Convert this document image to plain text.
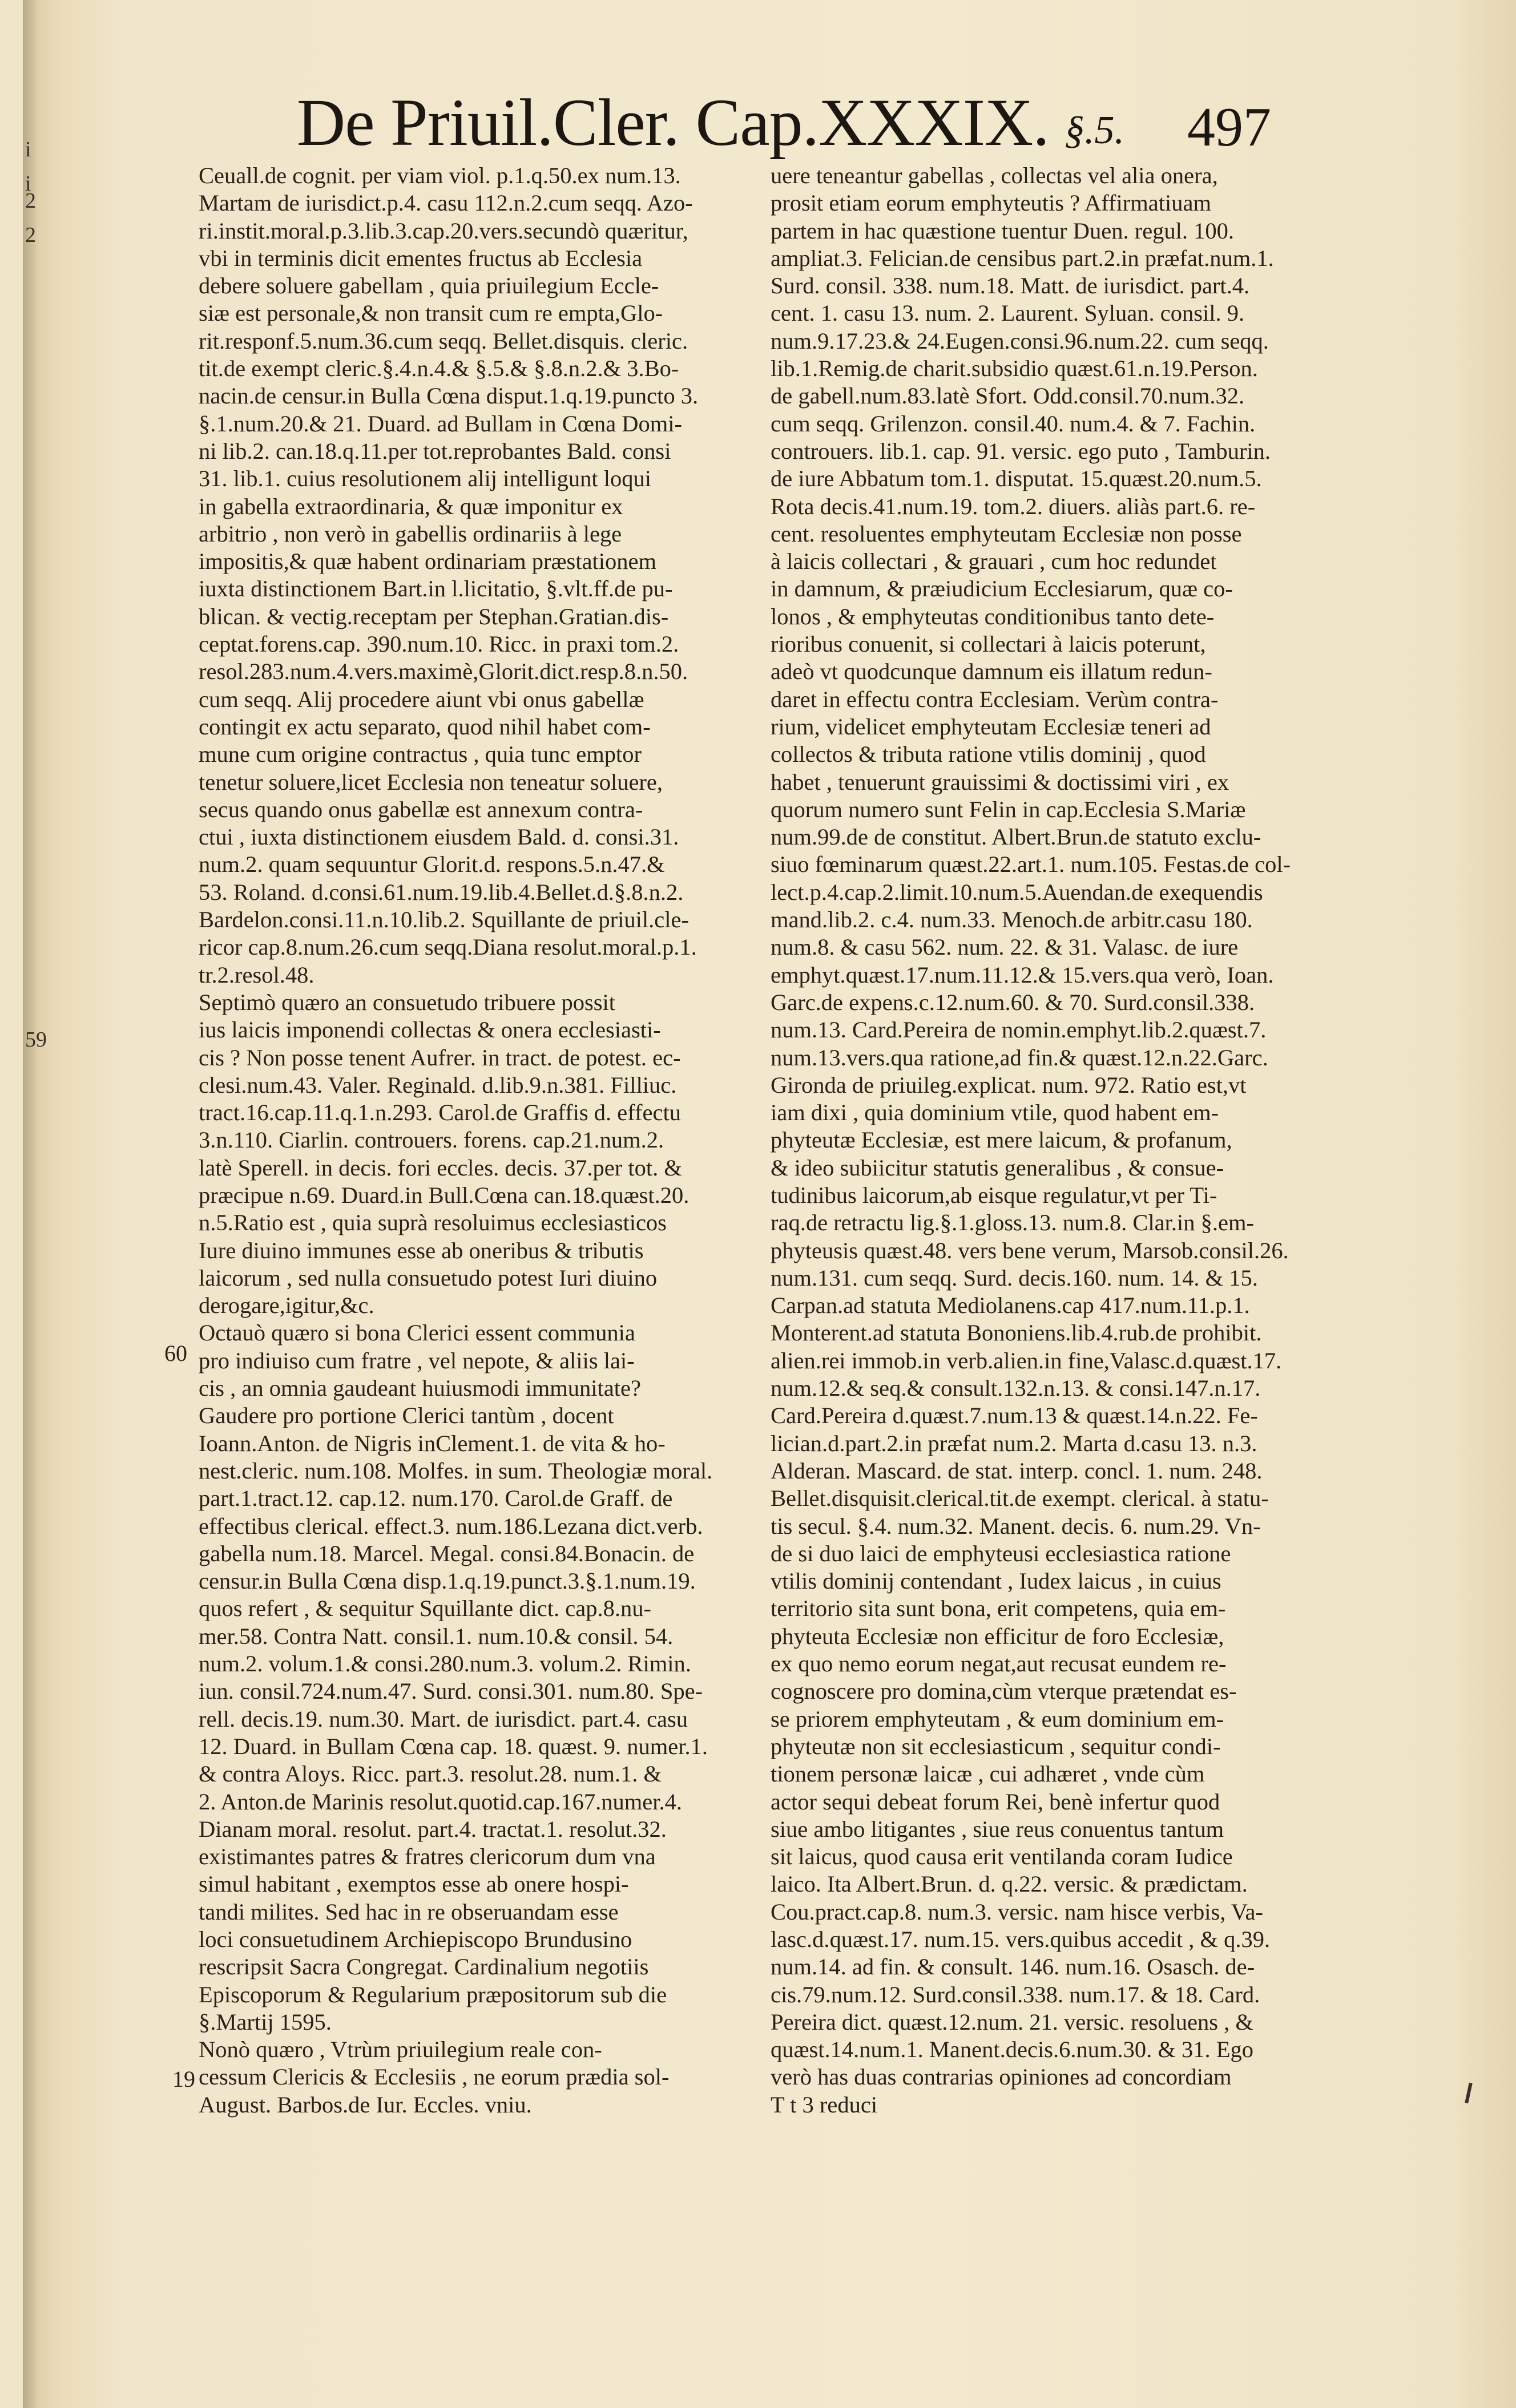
i
i
2
2
59
De Priuil.Cler. Cap.XXXIX. §.5. 497
60
19
Ceuall.de cognit. per viam viol. p.1.q.50.ex num.13.
Martam de iurisdict.p.4. casu 112.n.2.cum seqq. Azo-
ri.instit.moral.p.3.lib.3.cap.20.vers.secundò quæritur,
vbi in terminis dicit ementes fructus ab Ecclesia
debere soluere gabellam , quia priuilegium Eccle-
siæ est personale,& non transit cum re empta,Glo-
rit.responf.5.num.36.cum seqq. Bellet.disquis. cleric.
tit.de exempt cleric.§.4.n.4.& §.5.& §.8.n.2.& 3.Bo-
nacin.de censur.in Bulla Cœna disput.1.q.19.puncto 3.
§.1.num.20.& 21. Duard. ad Bullam in Cœna Domi-
ni lib.2. can.18.q.11.per tot.reprobantes Bald. consi
31. lib.1. cuius resolutionem alij intelligunt loqui
in gabella extraordinaria, & quæ imponitur ex
arbitrio , non verò in gabellis ordinariis à lege
impositis,& quæ habent ordinariam præstationem
iuxta distinctionem Bart.in l.licitatio, §.vlt.ff.de pu-
blican. & vectig.receptam per Stephan.Gratian.dis-
ceptat.forens.cap. 390.num.10. Ricc. in praxi tom.2.
resol.283.num.4.vers.maximè,Glorit.dict.resp.8.n.50.
cum seqq. Alij procedere aiunt vbi onus gabellæ
contingit ex actu separato, quod nihil habet com-
mune cum origine contractus , quia tunc emptor
tenetur soluere,licet Ecclesia non teneatur soluere,
secus quando onus gabellæ est annexum contra-
ctui , iuxta distinctionem eiusdem Bald. d. consi.31.
num.2. quam sequuntur Glorit.d. respons.5.n.47.&
53. Roland. d.consi.61.num.19.lib.4.Bellet.d.§.8.n.2.
Bardelon.consi.11.n.10.lib.2. Squillante de priuil.cle-
ricor cap.8.num.26.cum seqq.Diana resolut.moral.p.1.
tr.2.resol.48.
Septimò quæro an consuetudo tribuere possit
ius laicis imponendi collectas & onera ecclesiasti-
cis ? Non posse tenent Aufrer. in tract. de potest. ec-
clesi.num.43. Valer. Reginald. d.lib.9.n.381. Filliuc.
tract.16.cap.11.q.1.n.293. Carol.de Graffis d. effectu
3.n.110. Ciarlin. controuers. forens. cap.21.num.2.
latè Sperell. in decis. fori eccles. decis. 37.per tot. &
præcipue n.69. Duard.in Bull.Cœna can.18.quæst.20.
n.5.Ratio est , quia suprà resoluimus ecclesiasticos
Iure diuino immunes esse ab oneribus & tributis
laicorum , sed nulla consuetudo potest Iuri diuino
derogare,igitur,&c.
Octauò quæro si bona Clerici essent communia
pro indiuiso cum fratre , vel nepote, & aliis lai-
cis , an omnia gaudeant huiusmodi immunitate?
Gaudere pro portione Clerici tantùm , docent
Ioann.Anton. de Nigris inClement.1. de vita & ho-
nest.cleric. num.108. Molfes. in sum. Theologiæ moral.
part.1.tract.12. cap.12. num.170. Carol.de Graff. de
effectibus clerical. effect.3. num.186.Lezana dict.verb.
gabella num.18. Marcel. Megal. consi.84.Bonacin. de
censur.in Bulla Cœna disp.1.q.19.punct.3.§.1.num.19.
quos refert , & sequitur Squillante dict. cap.8.nu-
mer.58. Contra Natt. consil.1. num.10.& consil. 54.
num.2. volum.1.& consi.280.num.3. volum.2. Rimin.
iun. consil.724.num.47. Surd. consi.301. num.80. Spe-
rell. decis.19. num.30. Mart. de iurisdict. part.4. casu
12. Duard. in Bullam Cœna cap. 18. quæst. 9. numer.1.
& contra Aloys. Ricc. part.3. resolut.28. num.1. &
2. Anton.de Marinis resolut.quotid.cap.167.numer.4.
Dianam moral. resolut. part.4. tractat.1. resolut.32.
existimantes patres & fratres clericorum dum vna
simul habitant , exemptos esse ab onere hospi-
tandi milites. Sed hac in re obseruandam esse
loci consuetudinem Archiepiscopo Brundusino
rescripsit Sacra Congregat. Cardinalium negotiis
Episcoporum & Regularium præpositorum sub die
§.Martij 1595.
Nonò quæro , Vtrùm priuilegium reale con-
cessum Clericis & Ecclesiis , ne eorum prædia sol-
August. Barbos.de Iur. Eccles. vniu.
uere teneantur gabellas , collectas vel alia onera,
prosit etiam eorum emphyteutis ? Affirmatiuam
partem in hac quæstione tuentur Duen. regul. 100.
ampliat.3. Felician.de censibus part.2.in præfat.num.1.
Surd. consil. 338. num.18. Matt. de iurisdict. part.4.
cent. 1. casu 13. num. 2. Laurent. Syluan. consil. 9.
num.9.17.23.& 24.Eugen.consi.96.num.22. cum seqq.
lib.1.Remig.de charit.subsidio quæst.61.n.19.Person.
de gabell.num.83.latè Sfort. Odd.consil.70.num.32.
cum seqq. Grilenzon. consil.40. num.4. & 7. Fachin.
controuers. lib.1. cap. 91. versic. ego puto , Tamburin.
de iure Abbatum tom.1. disputat. 15.quæst.20.num.5.
Rota decis.41.num.19. tom.2. diuers. aliàs part.6. re-
cent. resoluentes emphyteutam Ecclesiæ non posse
à laicis collectari , & grauari , cum hoc redundet
in damnum, & præiudicium Ecclesiarum, quæ co-
lonos , & emphyteutas conditionibus tanto dete-
rioribus conuenit, si collectari à laicis poterunt,
adeò vt quodcunque damnum eis illatum redun-
daret in effectu contra Ecclesiam. Verùm contra-
rium, videlicet emphyteutam Ecclesiæ teneri ad
collectos & tributa ratione vtilis dominij , quod
habet , tenuerunt grauissimi & doctissimi viri , ex
quorum numero sunt Felin in cap.Ecclesia S.Mariæ
num.99.de de constitut. Albert.Brun.de statuto exclu-
siuo fœminarum quæst.22.art.1. num.105. Festas.de col-
lect.p.4.cap.2.limit.10.num.5.Auendan.de exequendis
mand.lib.2. c.4. num.33. Menoch.de arbitr.casu 180.
num.8. & casu 562. num. 22. & 31. Valasc. de iure
emphyt.quæst.17.num.11.12.& 15.vers.qua verò, Ioan.
Garc.de expens.c.12.num.60. & 70. Surd.consil.338.
num.13. Card.Pereira de nomin.emphyt.lib.2.quæst.7.
num.13.vers.qua ratione,ad fin.& quæst.12.n.22.Garc.
Gironda de priuileg.explicat. num. 972. Ratio est,vt
iam dixi , quia dominium vtile, quod habent em-
phyteutæ Ecclesiæ, est mere laicum, & profanum,
& ideo subiicitur statutis generalibus , & consue-
tudinibus laicorum,ab eisque regulatur,vt per Ti-
raq.de retractu lig.§.1.gloss.13. num.8. Clar.in §.em-
phyteusis quæst.48. vers bene verum, Marsob.consil.26.
num.131. cum seqq. Surd. decis.160. num. 14. & 15.
Carpan.ad statuta Mediolanens.cap 417.num.11.p.1.
Monterent.ad statuta Bononiens.lib.4.rub.de prohibit.
alien.rei immob.in verb.alien.in fine,Valasc.d.quæst.17.
num.12.& seq.& consult.132.n.13. & consi.147.n.17.
Card.Pereira d.quæst.7.num.13 & quæst.14.n.22. Fe-
lician.d.part.2.in præfat num.2. Marta d.casu 13. n.3.
Alderan. Mascard. de stat. interp. concl. 1. num. 248.
Bellet.disquisit.clerical.tit.de exempt. clerical. à statu-
tis secul. §.4. num.32. Manent. decis. 6. num.29. Vn-
de si duo laici de emphyteusi ecclesiastica ratione
vtilis dominij contendant , Iudex laicus , in cuius
territorio sita sunt bona, erit competens, quia em-
phyteuta Ecclesiæ non efficitur de foro Ecclesiæ,
ex quo nemo eorum negat,aut recusat eundem re-
cognoscere pro domina,cùm vterque prætendat es-
se priorem emphyteutam , & eum dominium em-
phyteutæ non sit ecclesiasticum , sequitur condi-
tionem personæ laicæ , cui adhæret , vnde cùm
actor sequi debeat forum Rei, benè infertur quod
siue ambo litigantes , siue reus conuentus tantum
sit laicus, quod causa erit ventilanda coram Iudice
laico. Ita Albert.Brun. d. q.22. versic. & prædictam.
Cou.pract.cap.8. num.3. versic. nam hisce verbis, Va-
lasc.d.quæst.17. num.15. vers.quibus accedit , & q.39.
num.14. ad fin. & consult. 146. num.16. Osasch. de-
cis.79.num.12. Surd.consil.338. num.17. & 18. Card.
Pereira dict. quæst.12.num. 21. versic. resoluens , &
quæst.14.num.1. Manent.decis.6.num.30. & 31. Ego
verò has duas contrarias opiniones ad concordiam
T t 3 reduci
